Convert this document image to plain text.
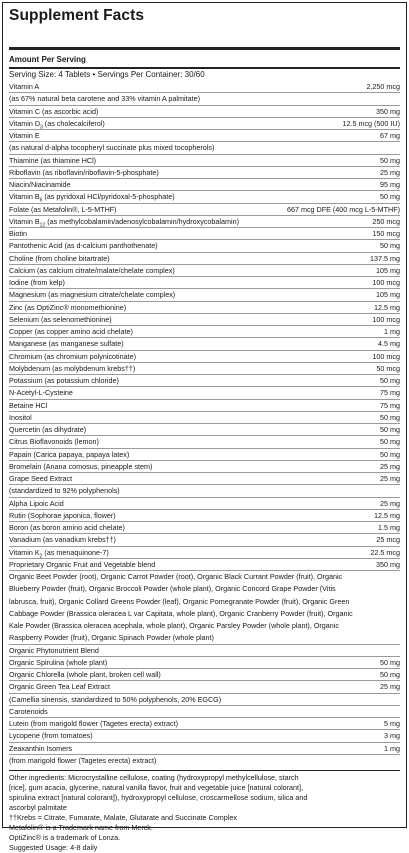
Supplement Facts
Amount Per Serving
Serving Size: 4 Tablets • Servings Per Container: 30/60
Vitamin A	2,250 mcg
(as 67% natural beta carotene and 33% vitamin A palmitate)
Vitamin C (as ascorbic acid)	350 mg
Vitamin $D_3$ (as cholecalciferol)	12.5 mcg (500 IU)
Vitamin E	67 mg
(as natural d-alpha tocopheryl succinate plus mixed tocopherols)
Thiamine (as thiamine HCl)	50 mg
Riboflavin (as riboflavin/riboflavin-5-phosphate)	25 mg
Niacin/Niacinamide	95 mg
Vitamin $B_6$ (as pyridoxal HCl/pyridoxal-5-phosphate)	50 mg
Folate (as Metafolin®, L-5-MTHF)	667 mcg DFE (400 mcg L-5-MTHF)
Vitamin $B_{12}$ (as methylcobalamin/adenosylcobalamin/hydroxycobalamin)	250 mcg
Biotin	150 mcg
Pantothenic Acid (as d-calcium panthothenate)	50 mg
Choline (from choline bitartrate)	137.5 mg
Calcium (as calcium citrate/malate/chelate complex)	105 mg
Iodine (from kelp)	100 mcg
Magnesium (as magnesium citrate/chelate complex)	105 mg
Zinc (as OptiZinc® monomethionine)	12.5 mg
Selenium (as selenomethionine)	100 mcg
Copper (as copper amino acid chelate)	1 mg
Manganese (as manganese sulfate)	4.5 mg
Chromium (as chromium polynicotinate)	100 mcg
Molybdenum (as molybdenum krebs††)	50 mcg
Potassium (as potassium chloride)	50 mg
N-Acetyl-L-Cysteine	75 mg
Betaine HCl	75 mg
Inositol	50 mg
Quercetin (as dihydrate)	50 mg
Citrus Bioflavonoids (lemon)	50 mg
Papain (Carica papaya, papaya latex)	50 mg
Bromelain (Anana comosus, pineapple stem)	25 mg
Grape Seed Extract	25 mg
(standardized to 92% polyphenols)
Alpha Lipoic Acid	25 mg
Rutin (Sophorae japonica, flower)	12.5 mg
Boron (as boron amino acid chelate)	1.5 mg
Vanadium (as vanadium krebs††)	25 mcg
Vitamin $K_2$ (as menaquinone-7)	22.5 mcg
Proprietary Organic Fruit and Vegetable blend	350 mg
Organic Beet Powder (root), Organic Carrot Powder (root), Organic Black Currant Powder (fruit), Organic
Blueberry Powder (fruit), Organic Broccoli Powder (whole plant), Organic Concord Grape Powder (Vitis
labrusca, fruit), Organic Collard Greens Powder (leaf), Organic Pomegranate Powder (fruit), Organic Green
Cabbage Powder (Brassica oleracea L var Capitata, whole plant), Organic Cranberry Powder (fruit), Organic
Kale Powder (Brassica oleracea acephala, whole plant), Organic Parsley Powder (whole plant), Organic
Raspberry Powder (fruit), Organic Spinach Powder (whole plant)
Organic Phytonutrient Blend
Organic Spirulina (whole plant)	50 mg
Organic Chlorella (whole plant, broken cell wall)	50 mg
Organic Green Tea Leaf Extract	25 mg
(Camellia sinensis, standardized to 50% polyphenols, 20% EGCG)
Carotenoids
Lutein (from marigold flower (Tagetes erecta) extract)	5 mg
Lycopene (from tomatoes)	3 mg
Zeaxanthin Isomers	1 mg
(from marigold flower (Tagetes erecta) extract)
Other ingredients: Microcrystalline cellulose, coating (hydroxypropyl methylcellulose, starch
[rice], gum acacia, glycerine, natural vanilla flavor, fruit and vegetable juice [natural colorant],
spirulina extract [natural colorant]), hydroxypropyl cellulose, croscarmellose sodium, silica and
ascorbyl palmitate
††Krebs = Citrate, Fumarate, Malate, Glutarate and Succinate Complex
Metafolin® is a Trademark name from Merck.
OptiZinc® is a trademark of Lonza.
Suggested Usage: 4-8 daily
